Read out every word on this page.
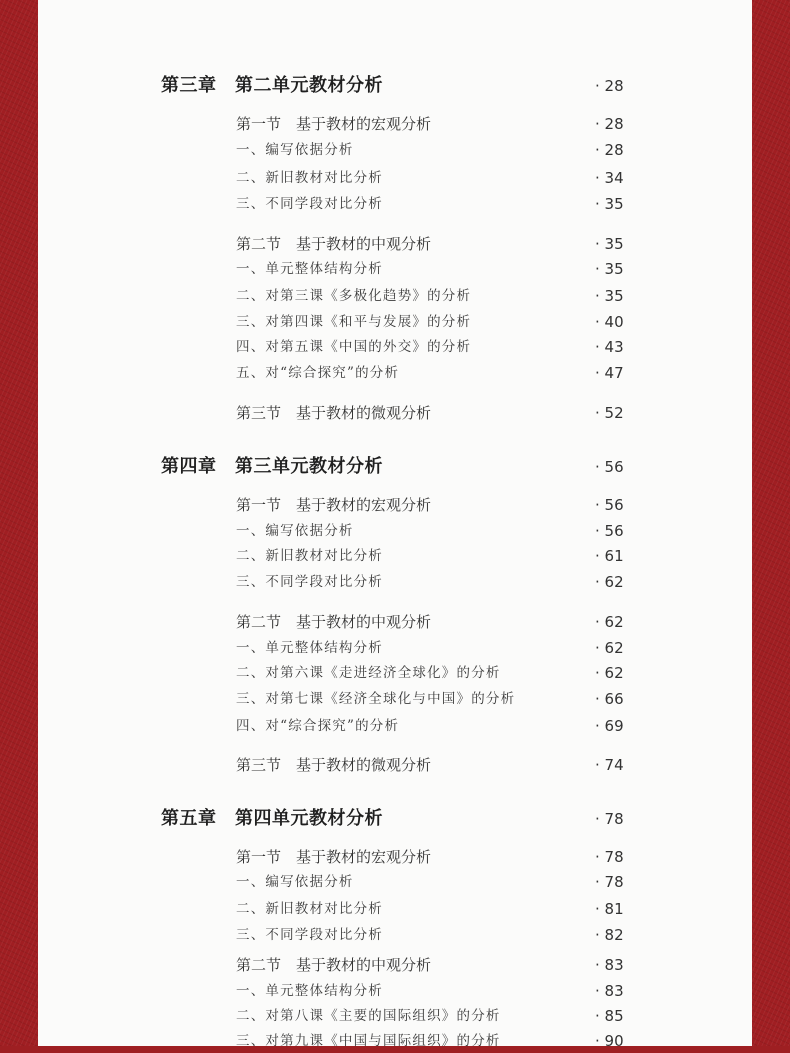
第三章　第二单元教材分析	· 28
第一节　基于教材的宏观分析	· 28
一、编写依据分析	· 28
二、新旧教材对比分析	· 34
三、不同学段对比分析	· 35
第二节　基于教材的中观分析	· 35
一、单元整体结构分析	· 35
二、对第三课《多极化趋势》的分析	· 35
三、对第四课《和平与发展》的分析	· 40
四、对第五课《中国的外交》的分析	· 43
五、对“综合探究”的分析	· 47
第三节　基于教材的微观分析	· 52
第四章　第三单元教材分析	· 56
第一节　基于教材的宏观分析	· 56
一、编写依据分析	· 56
二、新旧教材对比分析	· 61
三、不同学段对比分析	· 62
第二节　基于教材的中观分析	· 62
一、单元整体结构分析	· 62
二、对第六课《走进经济全球化》的分析	· 62
三、对第七课《经济全球化与中国》的分析	· 66
四、对“综合探究”的分析	· 69
第三节　基于教材的微观分析	· 74
第五章　第四单元教材分析	· 78
第一节　基于教材的宏观分析	· 78
一、编写依据分析	· 78
二、新旧教材对比分析	· 81
三、不同学段对比分析	· 82
第二节　基于教材的中观分析	· 83
一、单元整体结构分析	· 83
二、对第八课《主要的国际组织》的分析	· 85
三、对第九课《中国与国际组织》的分析	· 90
